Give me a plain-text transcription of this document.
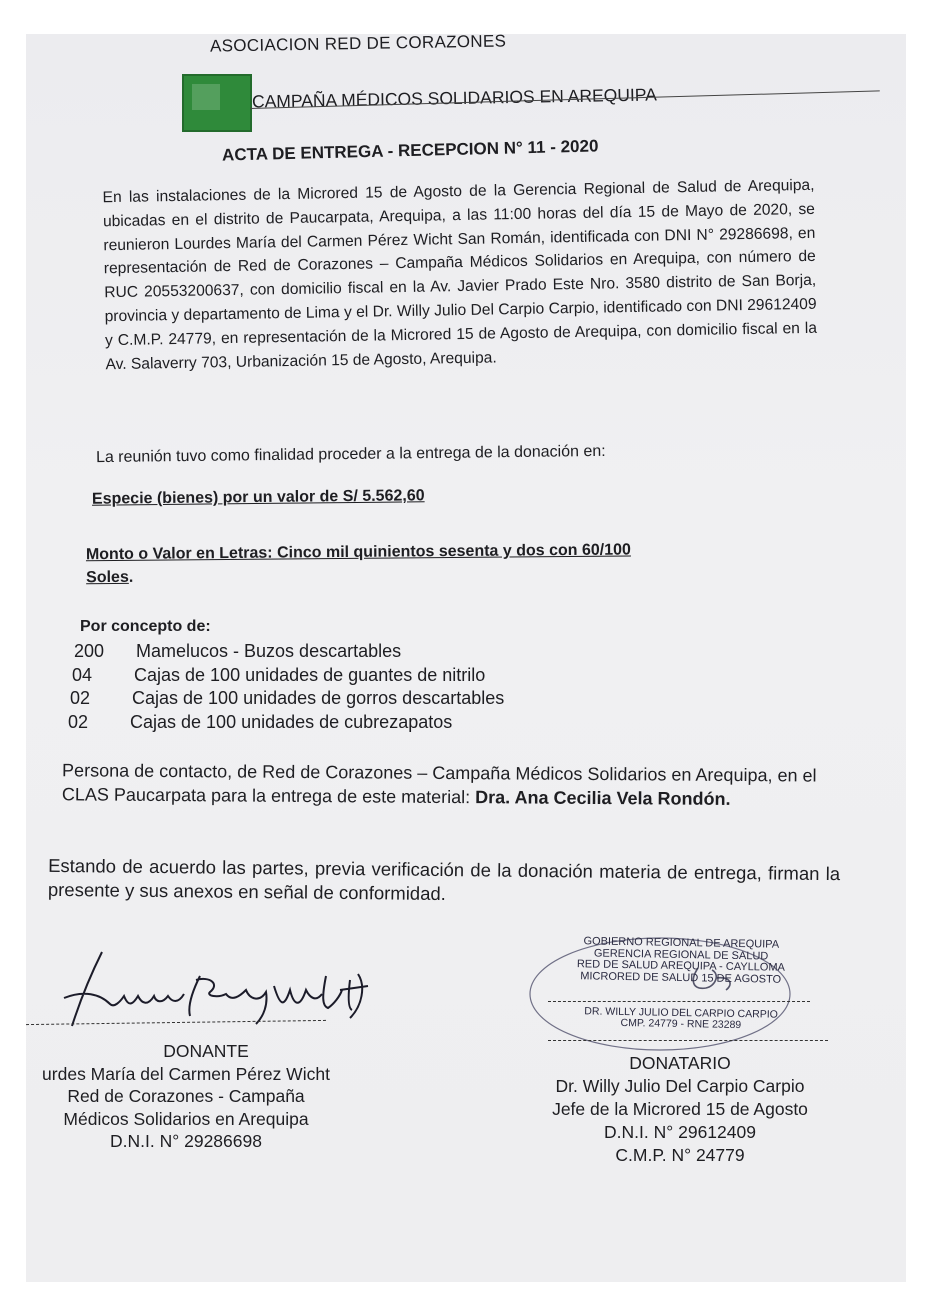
ASOCIACION RED DE CORAZONES
CAMPAÑA MÉDICOS SOLIDARIOS EN AREQUIPA
ACTA DE ENTREGA - RECEPCION N° 11 - 2020
En las instalaciones de la Microred 15 de Agosto de la Gerencia Regional de Salud de Arequipa, ubicadas en el distrito de Paucarpata, Arequipa, a las 11:00 horas del día 15 de Mayo de 2020, se reunieron Lourdes María del Carmen Pérez Wicht San Román, identificada con DNI N° 29286698, en representación de Red de Corazones – Campaña Médicos Solidarios en Arequipa, con número de RUC 20553200637, con domicilio fiscal en la Av. Javier Prado Este Nro. 3580 distrito de San Borja, provincia y departamento de Lima y el Dr. Willy Julio Del Carpio Carpio, identificado con DNI 29612409 y C.M.P. 24779, en representación de la Microred 15 de Agosto de Arequipa, con domicilio fiscal en la Av. Salaverry 703, Urbanización 15 de Agosto, Arequipa.
La reunión tuvo como finalidad proceder a la entrega de la donación en:
Especie (bienes) por un valor de S/ 5.562,60
Monto o Valor en Letras: Cinco mil quinientos sesenta y dos con 60/100
Soles.
Por concepto de:
200	Mamelucos - Buzos descartables
04	Cajas de 100 unidades de guantes de nitrilo
02	Cajas de 100 unidades de gorros descartables
02	Cajas de 100 unidades de cubrezapatos
Persona de contacto, de Red de Corazones – Campaña Médicos Solidarios en Arequipa, en el CLAS Paucarpata para la entrega de este material: Dra. Ana Cecilia Vela Rondón.
Estando de acuerdo las partes, previa verificación de la donación materia de entrega, firman la presente y sus anexos en señal de conformidad.
DONANTE
urdes María del Carmen Pérez Wicht
Red de Corazones - Campaña
Médicos Solidarios en Arequipa
D.N.I. N° 29286698
GOBIERNO REGIONAL DE AREQUIPA
GERENCIA REGIONAL DE SALUD
RED DE SALUD AREQUIPA - CAYLLOMA
MICRORED DE SALUD 15 DE AGOSTO
DR. WILLY JULIO DEL CARPIO CARPIO
CMP. 24779 - RNE 23289
DONATARIO
Dr. Willy Julio Del Carpio Carpio
Jefe de la Microred 15 de Agosto
D.N.I. N° 29612409
C.M.P. N° 24779
